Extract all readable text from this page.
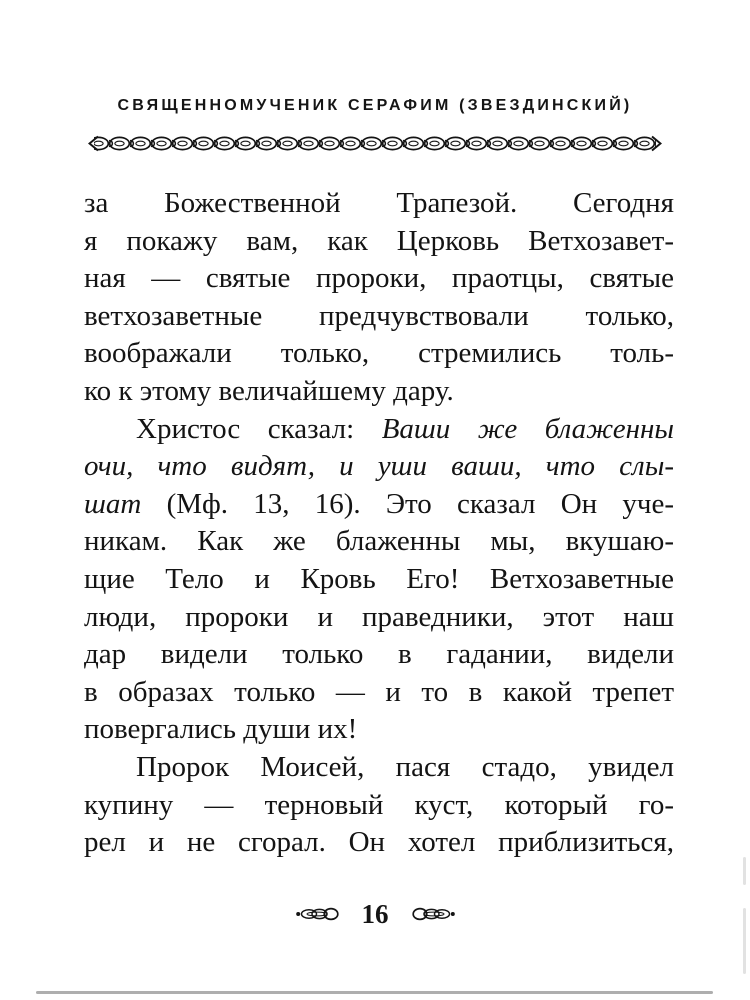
СВЯЩЕННОМУЧЕНИК СЕРАФИМ (ЗВЕЗДИНСКИЙ)
за Божественной Трапезой. Сегодня
я покажу вам, как Церковь Ветхозавет-
ная — святые пророки, праотцы, святые
ветхозаветные предчувствовали только,
воображали только, стремились толь-
ко к этому величайшему дару.
Христос сказал: Ваши же блаженны
очи, что видят, и уши ваши, что слы-
шат (Мф. 13, 16). Это сказал Он уче-
никам. Как же блаженны мы, вкушаю-
щие Тело и Кровь Его! Ветхозаветные
люди, пророки и праведники, этот наш
дар видели только в гадании, видели
в образах только — и то в какой трепет
повергались души их!
Пророк Моисей, пася стадо, увидел
купину — терновый куст, который го-
рел и не сгорал. Он хотел приблизиться,
16
